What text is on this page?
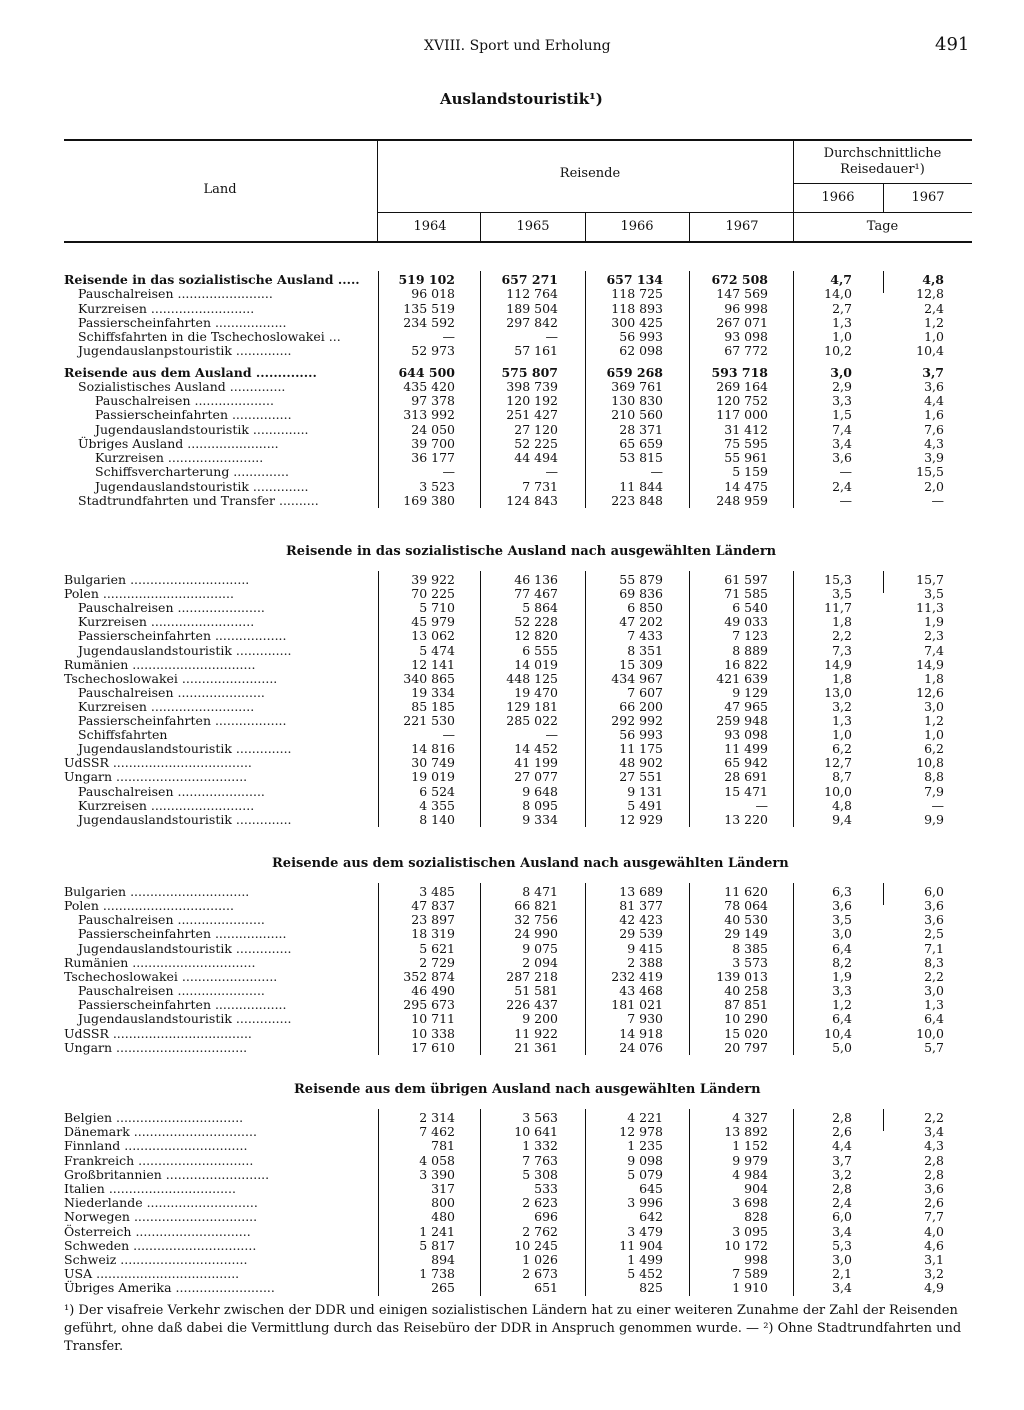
XVIII. Sport und Erholung	491
Auslandstouristik¹)
Land
Reisende
Durchschnittliche
Reisedauer¹)
1964	1965	1966	1967
1966	1967
Tage
Reisende in das sozialistische Ausland .....	519 102	657 271	657 134	672 508	4,7	4,8
Pauschalreisen ........................	96 018	112 764	118 725	147 569	14,0	12,8
Kurzreisen ..........................	135 519	189 504	118 893	96 998	2,7	2,4
Passierscheinfahrten ..................	234 592	297 842	300 425	267 071	1,3	1,2
Schiffsfahrten in die Tschechoslowakei ...	—	—	56 993	93 098	1,0	1,0
Jugendauslanpstouristik ..............	52 973	57 161	62 098	67 772	10,2	10,4
Reisende aus dem Ausland ..............	644 500	575 807	659 268	593 718	3,0	3,7
Sozialistisches Ausland ..............	435 420	398 739	369 761	269 164	2,9	3,6
Pauschalreisen ....................	97 378	120 192	130 830	120 752	3,3	4,4
Passierscheinfahrten ...............	313 992	251 427	210 560	117 000	1,5	1,6
Jugendauslandstouristik ..............	24 050	27 120	28 371	31 412	7,4	7,6
Übriges Ausland .......................	39 700	52 225	65 659	75 595	3,4	4,3
Kurzreisen ........................	36 177	44 494	53 815	55 961	3,6	3,9
Schiffsvercharterung ..............	—	—	—	5 159	—	15,5
Jugendauslandstouristik ..............	3 523	7 731	11 844	14 475	2,4	2,0
Stadtrundfahrten und Transfer ..........	169 380	124 843	223 848	248 959	—	—
Bulgarien ..............................	39 922	46 136	55 879	61 597	15,3	15,7
Polen .................................	70 225	77 467	69 836	71 585	3,5	3,5
Pauschalreisen ......................	5 710	5 864	6 850	6 540	11,7	11,3
Kurzreisen ..........................	45 979	52 228	47 202	49 033	1,8	1,9
Passierscheinfahrten ..................	13 062	12 820	7 433	7 123	2,2	2,3
Jugendauslandstouristik ..............	5 474	6 555	8 351	8 889	7,3	7,4
Rumänien ...............................	12 141	14 019	15 309	16 822	14,9	14,9
Tschechoslowakei ........................	340 865	448 125	434 967	421 639	1,8	1,8
Pauschalreisen ......................	19 334	19 470	7 607	9 129	13,0	12,6
Kurzreisen ..........................	85 185	129 181	66 200	47 965	3,2	3,0
Passierscheinfahrten ..................	221 530	285 022	292 992	259 948	1,3	1,2
Schiffsfahrten	—	—	56 993	93 098	1,0	1,0
Jugendauslandstouristik ..............	14 816	14 452	11 175	11 499	6,2	6,2
UdSSR ...................................	30 749	41 199	48 902	65 942	12,7	10,8
Ungarn .................................	19 019	27 077	27 551	28 691	8,7	8,8
Pauschalreisen ......................	6 524	9 648	9 131	15 471	10,0	7,9
Kurzreisen ..........................	4 355	8 095	5 491	—	4,8	—
Jugendauslandstouristik ..............	8 140	9 334	12 929	13 220	9,4	9,9
Bulgarien ..............................	3 485	8 471	13 689	11 620	6,3	6,0
Polen .................................	47 837	66 821	81 377	78 064	3,6	3,6
Pauschalreisen ......................	23 897	32 756	42 423	40 530	3,5	3,6
Passierscheinfahrten ..................	18 319	24 990	29 539	29 149	3,0	2,5
Jugendauslandstouristik ..............	5 621	9 075	9 415	8 385	6,4	7,1
Rumänien ...............................	2 729	2 094	2 388	3 573	8,2	8,3
Tschechoslowakei ........................	352 874	287 218	232 419	139 013	1,9	2,2
Pauschalreisen ......................	46 490	51 581	43 468	40 258	3,3	3,0
Passierscheinfahrten ..................	295 673	226 437	181 021	87 851	1,2	1,3
Jugendauslandstouristik ..............	10 711	9 200	7 930	10 290	6,4	6,4
UdSSR ...................................	10 338	11 922	14 918	15 020	10,4	10,0
Ungarn .................................	17 610	21 361	24 076	20 797	5,0	5,7
Belgien ................................	2 314	3 563	4 221	4 327	2,8	2,2
Dänemark ...............................	7 462	10 641	12 978	13 892	2,6	3,4
Finnland ...............................	781	1 332	1 235	1 152	4,4	4,3
Frankreich .............................	4 058	7 763	9 098	9 979	3,7	2,8
Großbritannien ..........................	3 390	5 308	5 079	4 984	3,2	2,8
Italien ................................	317	533	645	904	2,8	3,6
Niederlande ............................	800	2 623	3 996	3 698	2,4	2,6
Norwegen ...............................	480	696	642	828	6,0	7,7
Österreich .............................	1 241	2 762	3 479	3 095	3,4	4,0
Schweden ...............................	5 817	10 245	11 904	10 172	5,3	4,6
Schweiz ................................	894	1 026	1 499	998	3,0	3,1
USA ....................................	1 738	2 673	5 452	7 589	2,1	3,2
Übriges Amerika .........................	265	651	825	1 910	3,4	4,9
Reisende in das sozialistische Ausland nach ausgewählten Ländern
Reisende aus dem sozialistischen Ausland nach ausgewählten Ländern
Reisende aus dem übrigen Ausland nach ausgewählten Ländern
¹) Der visafreie Verkehr zwischen der DDR und einigen sozialistischen Ländern hat zu einer weiteren Zunahme der Zahl der Reisenden geführt, ohne daß dabei die Vermittlung durch das Reisebüro der DDR in Anspruch genommen wurde. — ²) Ohne Stadtrundfahrten und Transfer.
